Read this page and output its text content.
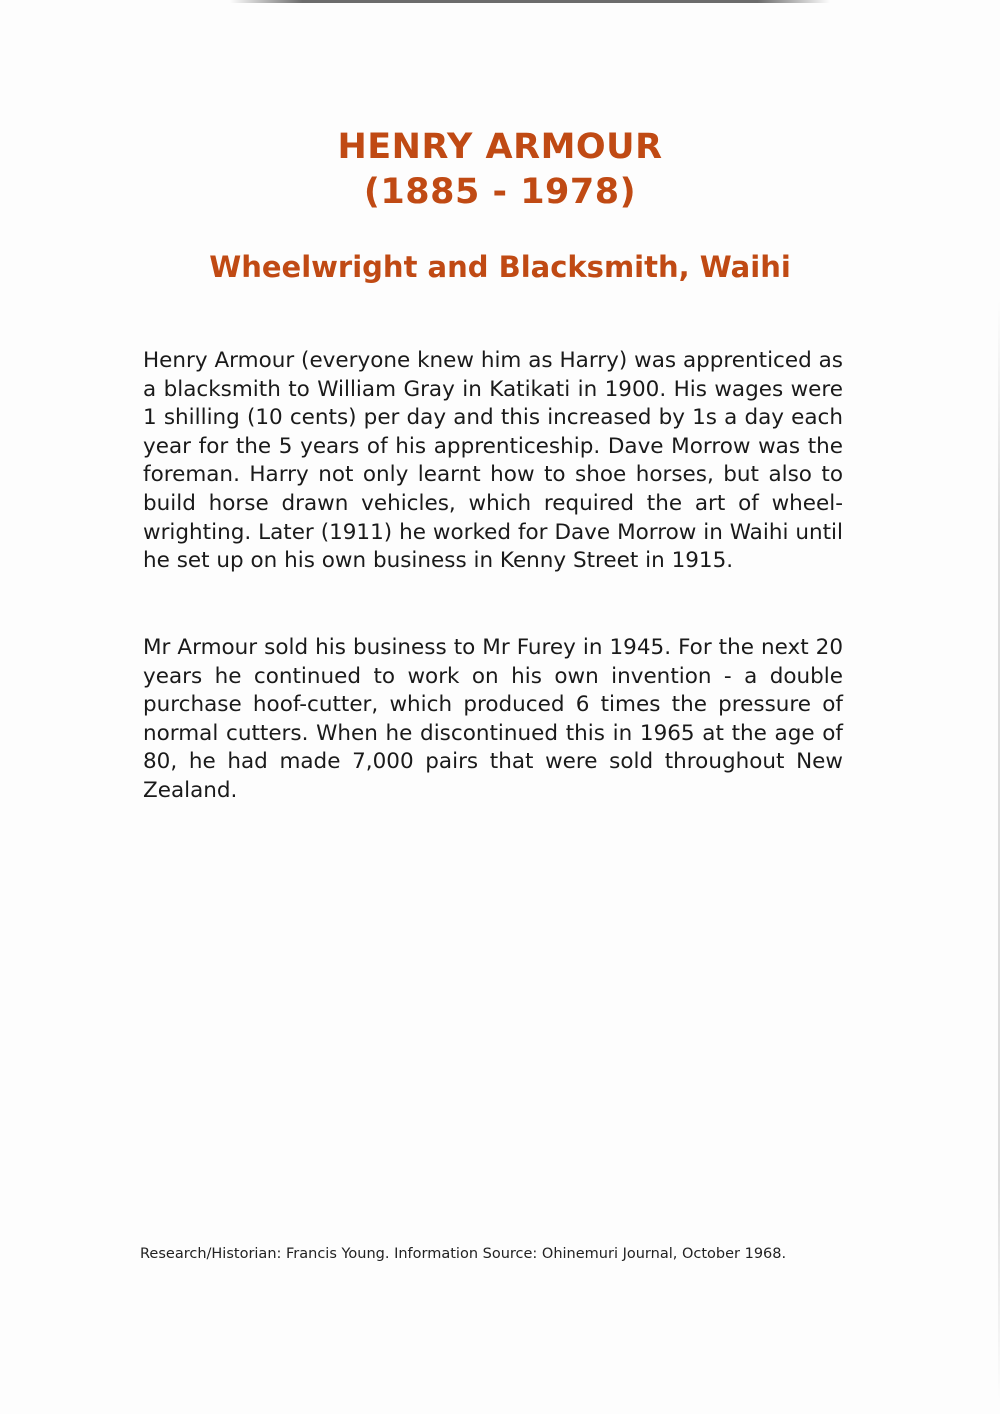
HENRY ARMOUR
(1885 - 1978)
Wheelwright and Blacksmith, Waihi

Henry Armour (everyone knew him as Harry) was apprenticed as a blacksmith to William Gray in Katikati in 1900. His wages were 1 shilling (10 cents) per day and this increased by 1s a day each year for the 5 years of his apprenticeship. Dave Morrow was the foreman. Harry not only learnt how to shoe horses, but also to build horse drawn vehicles, which required the art of wheel-wrighting. Later (1911) he worked for Dave Morrow in Waihi until he set up on his own business in Kenny Street in 1915.

Mr Armour sold his business to Mr Furey in 1945. For the next 20 years he continued to work on his own invention - a double purchase hoof-cutter, which produced 6 times the pressure of normal cutters. When he discontinued this in 1965 at the age of 80, he had made 7,000 pairs that were sold throughout New Zealand.

Research/Historian: Francis Young. Information Source: Ohinemuri Journal, October 1968.
